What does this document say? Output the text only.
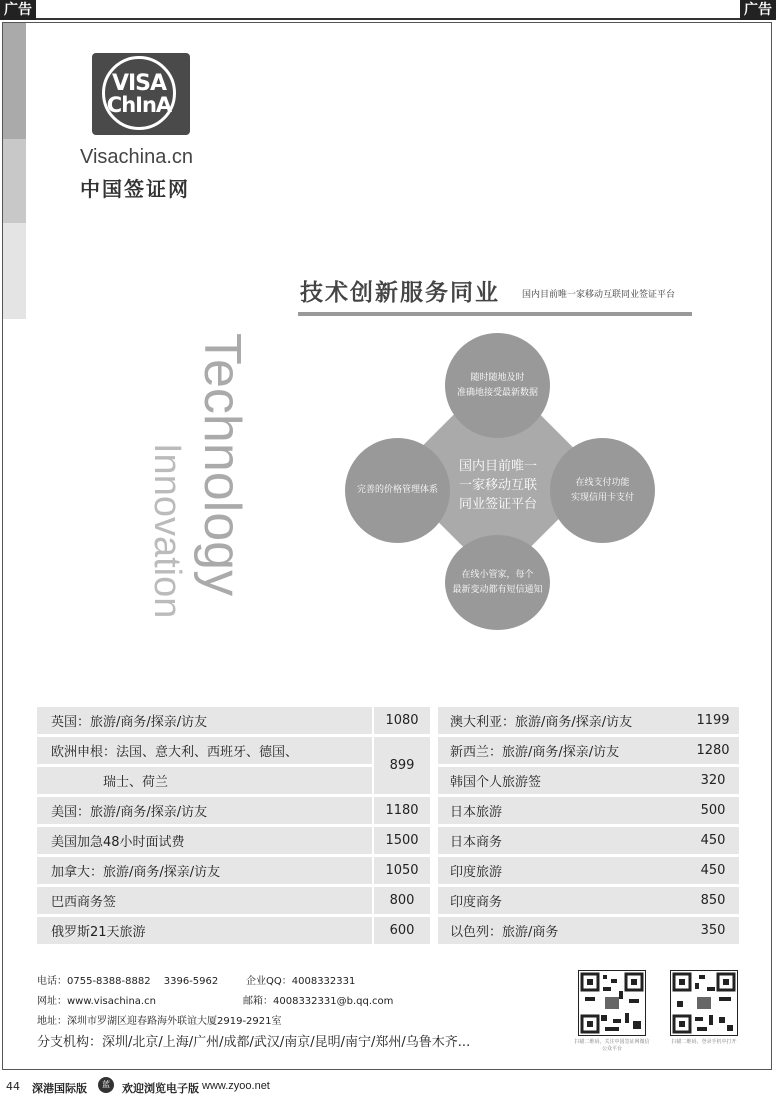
广告	广告
VISA
ChInA
Visachina.cn
中国签证网
技术创新服务同业 国内目前唯一家移动互联同业签证平台
Technology
Innovation
随时随地及时
准确地接受最新数据
完善的价格管理体系
在线支付功能
实现信用卡支付
在线小管家，每个
最新变动都有短信通知
国内目前唯一
一家移动互联
同业签证平台
英国：旅游/商务/探亲/访友	1080		澳大利亚：旅游/商务/探亲/访友	1199
欧洲申根：法国、意大利、西班牙、德国、	899		新西兰：旅游/商务/探亲/访友	1280
瑞士、荷兰			韩国个人旅游签	320
美国：旅游/商务/探亲/访友	1180		日本旅游	500
美国加急48小时面试费	1500		日本商务	450
加拿大：旅游/商务/探亲/访友	1050		印度旅游	450
巴西商务签	800		印度商务	850
俄罗斯21天旅游	600		以色列：旅游/商务	350
电话：0755-8388-8882　 3396-5962	企业QQ：4008332331
网址：www.visachina.cn	邮箱：4008332331@b.qq.com
地址：深圳市罗湖区迎春路海外联谊大厦2919-2921室
分支机构：深圳/北京/上海/广州/成都/武汉/南京/昆明/南宁/郑州/乌鲁木齐...	扫描二维码，关注中国签证网微信公众平台
扫描二维码，登录手机中打开
44 深港国际版	蓝	欢迎浏览电子版 www.zyoo.net
